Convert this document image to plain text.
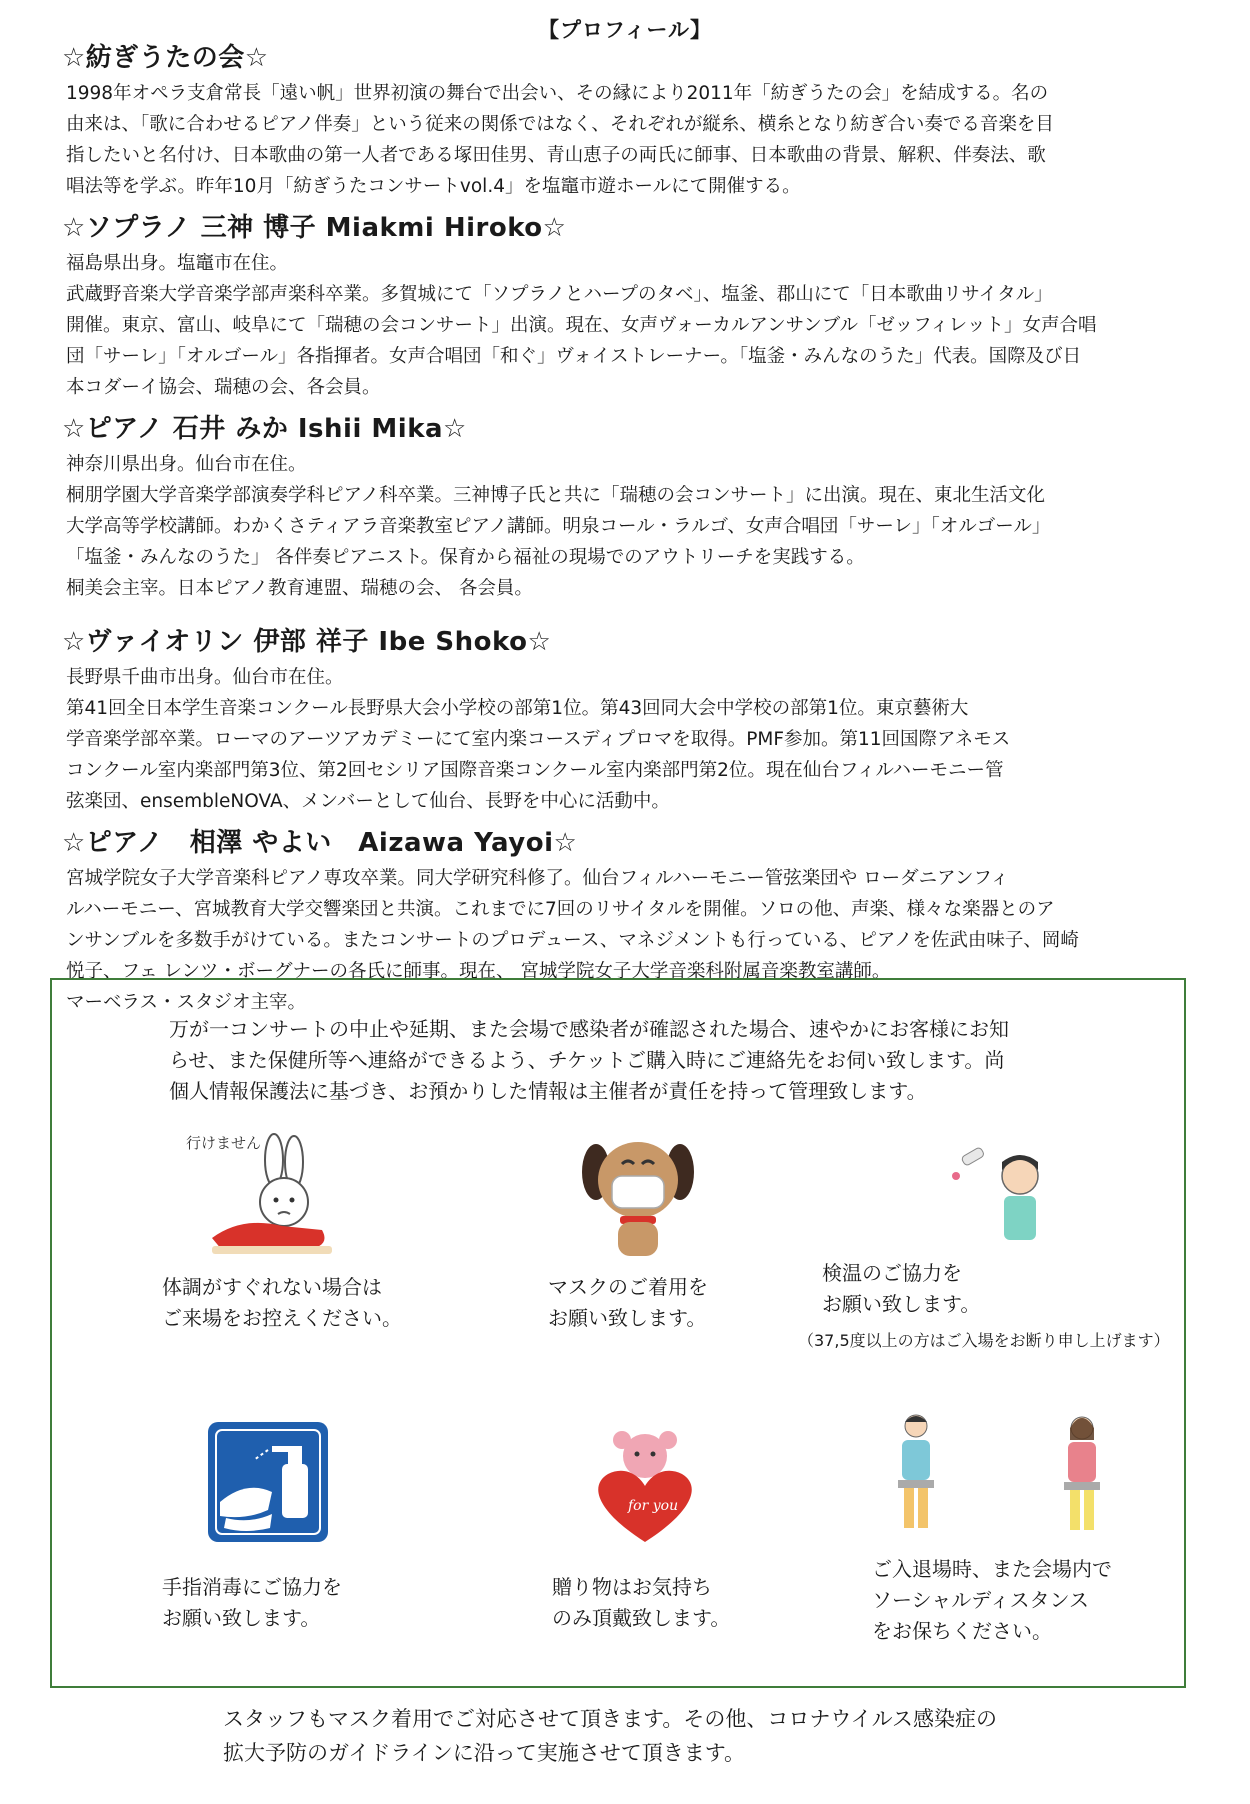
【プロフィール】
☆紡ぎうたの会☆
1998年オペラ支倉常長「遠い帆」世界初演の舞台で出会い、その縁により2011年「紡ぎうたの会」を結成する。名の
由来は、「歌に合わせるピアノ伴奏」という従来の関係ではなく、それぞれが縦糸、横糸となり紡ぎ合い奏でる音楽を目
指したいと名付け、日本歌曲の第一人者である塚田佳男、青山恵子の両氏に師事、日本歌曲の背景、解釈、伴奏法、歌
唱法等を学ぶ。昨年10月「紡ぎうたコンサートvol.4」を塩竈市遊ホールにて開催する。
☆ソプラノ 三神 博子 Miakmi Hiroko☆
福島県出身。塩竈市在住。
武蔵野音楽大学音楽学部声楽科卒業。多賀城にて「ソプラノとハープのタベ」、塩釜、郡山にて「日本歌曲リサイタル」
開催。東京、富山、岐阜にて「瑞穂の会コンサート」出演。現在、女声ヴォーカルアンサンブル「ゼッフィレット」女声合唱
団「サーレ」「オルゴール」各指揮者。女声合唱団「和ぐ」ヴォイストレーナー。「塩釜・みんなのうた」代表。国際及び日
本コダーイ協会、瑞穂の会、各会員。
☆ピアノ 石井 みか Ishii Mika☆
神奈川県出身。仙台市在住。
桐朋学園大学音楽学部演奏学科ピアノ科卒業。三神博子氏と共に「瑞穂の会コンサート」に出演。現在、東北生活文化
大学高等学校講師。わかくさティアラ音楽教室ピアノ講師。明泉コール・ラルゴ、女声合唱団「サーレ」「オルゴール」
「塩釜・みんなのうた」 各伴奏ピアニスト。保育から福祉の現場でのアウトリーチを実践する。
桐美会主宰。日本ピアノ教育連盟、瑞穂の会、 各会員。
☆ヴァイオリン 伊部 祥子 Ibe Shoko☆
長野県千曲市出身。仙台市在住。
第41回全日本学生音楽コンクール長野県大会小学校の部第1位。第43回同大会中学校の部第1位。東京藝術大
学音楽学部卒業。ローマのアーツアカデミーにて室内楽コースディプロマを取得。PMF参加。第11回国際アネモス
コンクール室内楽部門第3位、第2回セシリア国際音楽コンクール室内楽部門第2位。現在仙台フィルハーモニー管
弦楽団、ensembleNOVA、メンバーとして仙台、長野を中心に活動中。
☆ピアノ　相澤 やよい　Aizawa Yayoi☆
宮城学院女子大学音楽科ピアノ専攻卒業。同大学研究科修了。仙台フィルハーモニー管弦楽団や ローダニアンフィ
ルハーモニー、宮城教育大学交響楽団と共演。これまでに7回のリサイタルを開催。ソロの他、声楽、様々な楽器とのア
ンサンブルを多数手がけている。またコンサートのプロデュース、マネジメントも行っている、ピアノを佐武由味子、岡崎
悦子、フェ レンツ・ボーグナーの各氏に師事。現在、 宮城学院女子大学音楽科附属音楽教室講師。
マーベラス・スタジオ主宰。
万が一コンサートの中止や延期、また会場で感染者が確認された場合、速やかにお客様にお知
らせ、また保健所等へ連絡ができるよう、チケットご購入時にご連絡先をお伺い致します。尚
個人情報保護法に基づき、お預かりした情報は主催者が責任を持って管理致します。
行けません
体調がすぐれない場合は
ご来場をお控えください。
マスクのご着用を
お願い致します。
検温のご協力を
お願い致します。
（37,5度以上の方はご入場をお断り申し上げます）
手指消毒にご協力を
お願い致します。
for you
贈り物はお気持ち
のみ頂戴致します。
ご入退場時、また会場内で
ソーシャルディスタンス
をお保ちください。
スタッフもマスク着用でご対応させて頂きます。その他、コロナウイルス感染症の
拡大予防のガイドラインに沿って実施させて頂きます。
